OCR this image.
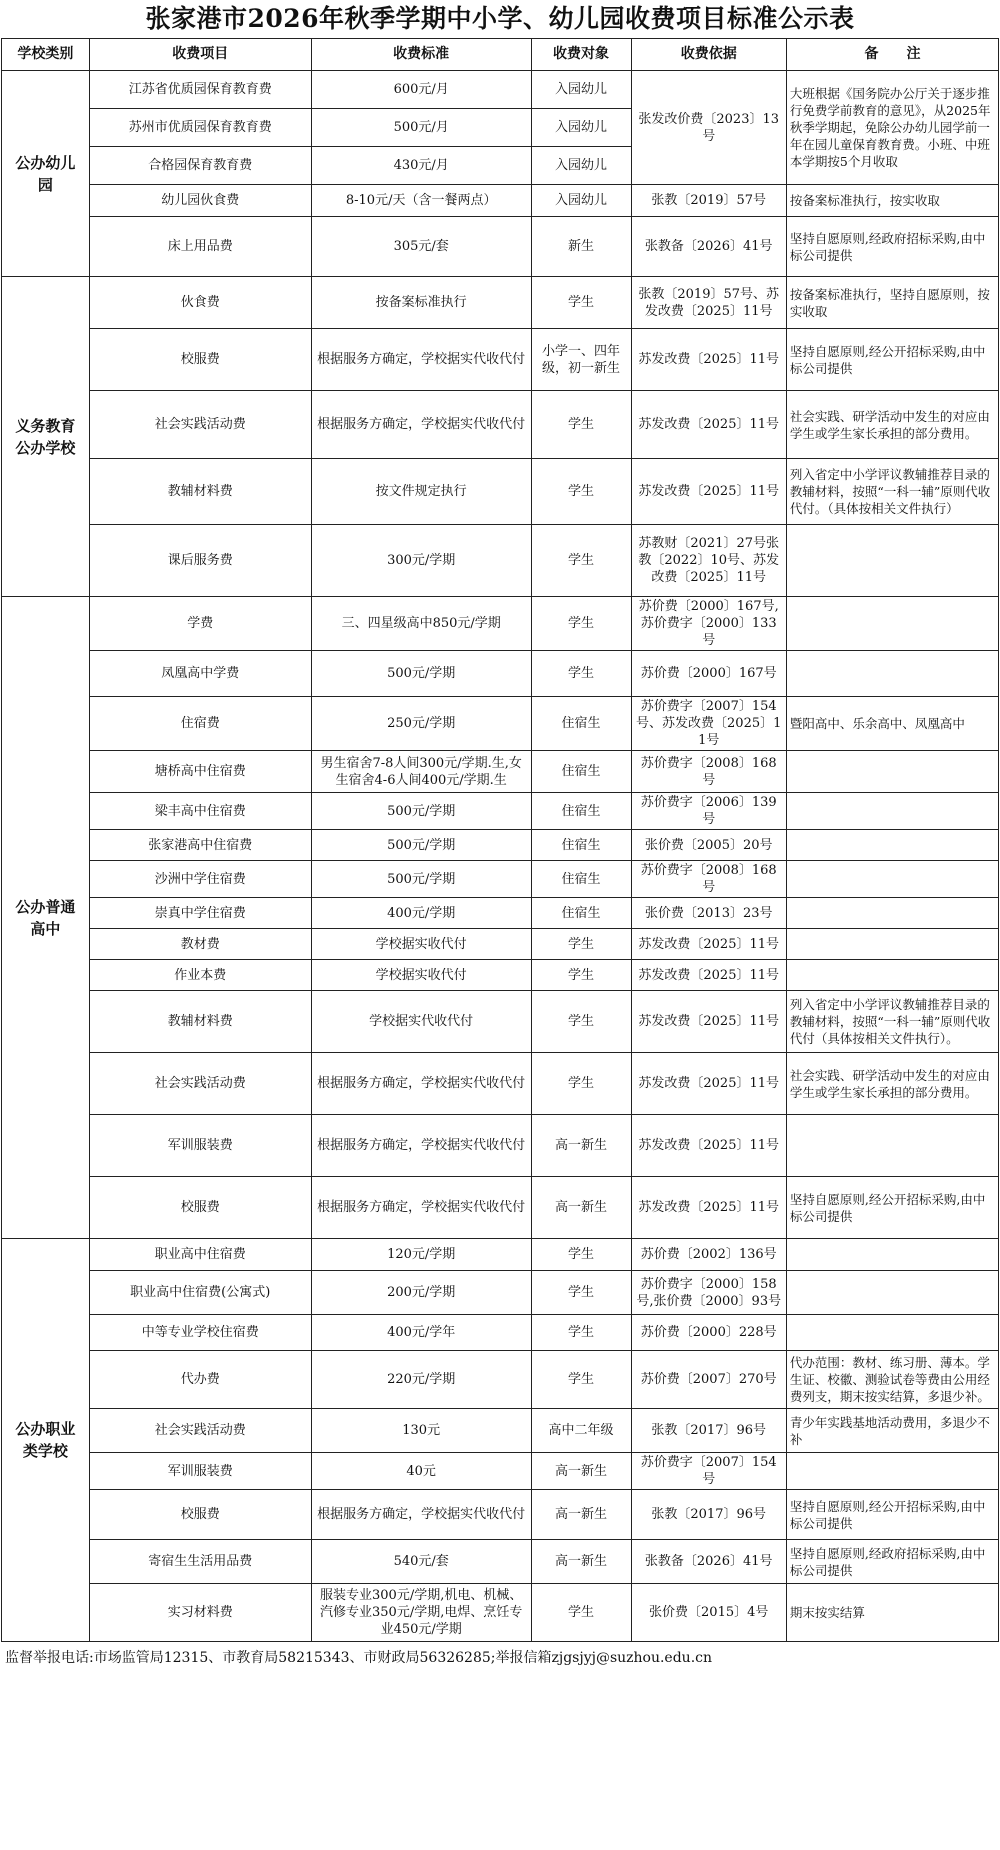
张家港市2026年秋季学期中小学、幼儿园收费项目标准公示表
学校类别	收费项目	收费标准	收费对象	收费依据	备　　注
公办幼儿园	江苏省优质园保育教育费	600元/月	入园幼儿	张发改价费〔2023〕13号	大班根据《国务院办公厅关于逐步推行免费学前教育的意见》，从2025年秋季学期起，免除公办幼儿园学前一年在园儿童保育教育费。小班、中班本学期按5个月收取
	苏州市优质园保育教育费	500元/月	入园幼儿		
	合格园保育教育费	430元/月	入园幼儿		
	幼儿园伙食费	8-10元/天（含一餐两点）	入园幼儿	张教〔2019〕57号	按备案标准执行，按实收取
	床上用品费	305元/套	新生	张教备〔2026〕41号	坚持自愿原则,经政府招标采购,由中标公司提供
义务教育公办学校	伙食费	按备案标准执行	学生	张教〔2019〕57号、苏发改费〔2025〕11号	按备案标准执行，坚持自愿原则，按实收取
	校服费	根据服务方确定，学校据实代收代付	小学一、四年级，初一新生	苏发改费〔2025〕11号	坚持自愿原则,经公开招标采购,由中标公司提供
	社会实践活动费	根据服务方确定，学校据实代收代付	学生	苏发改费〔2025〕11号	社会实践、研学活动中发生的对应由学生或学生家长承担的部分费用。
	教辅材料费	按文件规定执行	学生	苏发改费〔2025〕11号	列入省定中小学评议教辅推荐目录的教辅材料，按照“一科一辅”原则代收代付。（具体按相关文件执行）
	课后服务费	300元/学期	学生	苏教财〔2021〕27号张教〔2022〕10号、苏发改费〔2025〕11号	
公办普通高中	学费	三、四星级高中850元/学期	学生	苏价费〔2000〕167号,苏价费字〔2000〕133号	
	凤凰高中学费	500元/学期	学生	苏价费〔2000〕167号	
	住宿费	250元/学期	住宿生	苏价费字〔2007〕154号、苏发改费〔2025〕11号	暨阳高中、乐余高中、凤凰高中
	塘桥高中住宿费	男生宿舍7-8人间300元/学期.生,女生宿舍4-6人间400元/学期.生	住宿生	苏价费字〔2008〕168号	
	梁丰高中住宿费	500元/学期	住宿生	苏价费字〔2006〕139号	
	张家港高中住宿费	500元/学期	住宿生	张价费〔2005〕20号	
	沙洲中学住宿费	500元/学期	住宿生	苏价费字〔2008〕168号	
	崇真中学住宿费	400元/学期	住宿生	张价费〔2013〕23号	
	教材费	学校据实收代付	学生	苏发改费〔2025〕11号	
	作业本费	学校据实收代付	学生	苏发改费〔2025〕11号	
	教辅材料费	学校据实代收代付	学生	苏发改费〔2025〕11号	列入省定中小学评议教辅推荐目录的教辅材料，按照“一科一辅”原则代收代付（具体按相关文件执行）。
	社会实践活动费	根据服务方确定，学校据实代收代付	学生	苏发改费〔2025〕11号	社会实践、研学活动中发生的对应由学生或学生家长承担的部分费用。
	军训服装费	根据服务方确定，学校据实代收代付	高一新生	苏发改费〔2025〕11号	
	校服费	根据服务方确定，学校据实代收代付	高一新生	苏发改费〔2025〕11号	坚持自愿原则,经公开招标采购,由中标公司提供
公办职业类学校	职业高中住宿费	120元/学期	学生	苏价费〔2002〕136号	
	职业高中住宿费(公寓式)	200元/学期	学生	苏价费字〔2000〕158号,张价费〔2000〕93号	
	中等专业学校住宿费	400元/学年	学生	苏价费〔2000〕228号	
	代办费	220元/学期	学生	苏价费〔2007〕270号	代办范围：教材、练习册、薄本。学生证、校徽、测验试卷等费由公用经费列支，期末按实结算，多退少补。
	社会实践活动费	130元	高中二年级	张教〔2017〕96号	青少年实践基地活动费用，多退少不补
	军训服装费	40元	高一新生	苏价费字〔2007〕154号	
	校服费	根据服务方确定，学校据实代收代付	高一新生	张教〔2017〕96号	坚持自愿原则,经公开招标采购,由中标公司提供
	寄宿生生活用品费	540元/套	高一新生	张教备〔2026〕41号	坚持自愿原则,经政府招标采购,由中标公司提供
	实习材料费	服装专业300元/学期,机电、机械、汽修专业350元/学期,电焊、烹饪专业450元/学期	学生	张价费〔2015〕4号	期末按实结算
监督举报电话:市场监管局12315、市教育局58215343、市财政局56326285;举报信箱zjgsjyj@suzhou.edu.cn
